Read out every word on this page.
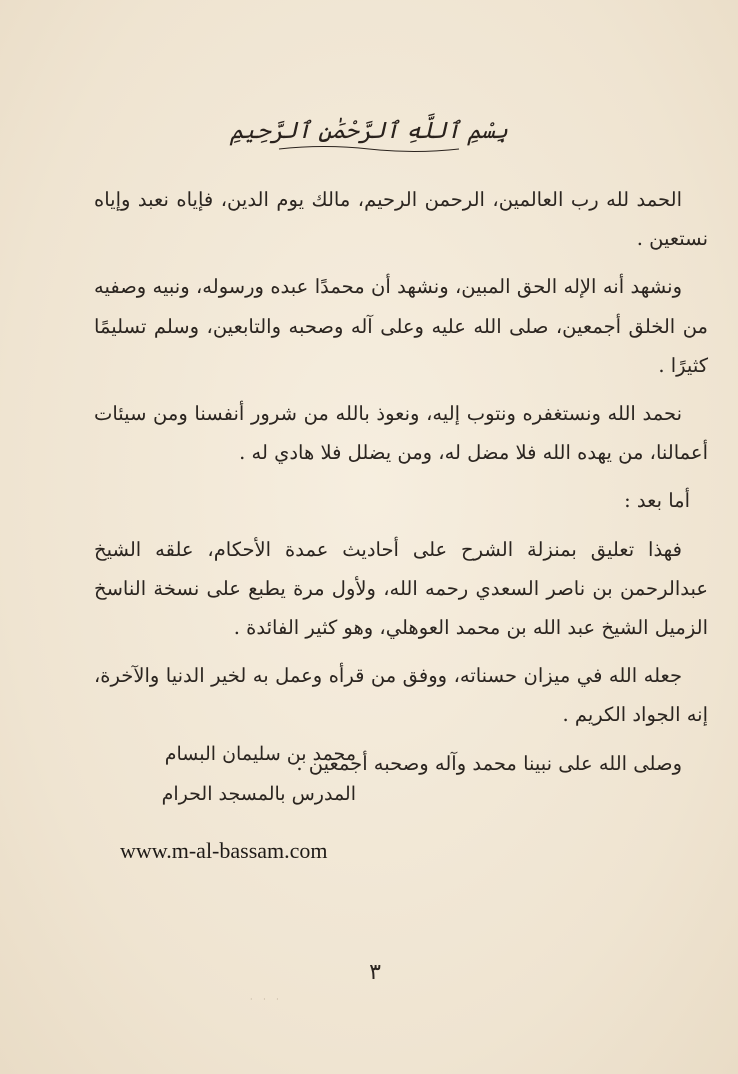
بِسْمِ ٱللَّهِ ٱلرَّحْمَٰنِ ٱلرَّحِيمِ

الحمد لله رب العالمين، الرحمن الرحيم، مالك يوم الدين، فإياه نعبد وإياه نستعين .

ونشهد أنه الإله الحق المبين، ونشهد أن محمدًا عبده ورسوله، ونبيه وصفيه من الخلق أجمعين، صلى الله عليه وعلى آله وصحبه والتابعين، وسلم تسليمًا كثيرًا .

نحمد الله ونستغفره ونتوب إليه، ونعوذ بالله من شرور أنفسنا ومن سيئات أعمالنا، من يهده الله فلا مضل له، ومن يضلل فلا هادي له .

أما بعد :

فهذا تعليق بمنزلة الشرح على أحاديث عمدة الأحكام، علقه الشيخ عبدالرحمن بن ناصر السعدي رحمه الله، ولأول مرة يطبع على نسخة الناسخ الزميل الشيخ عبد الله بن محمد العوهلي، وهو كثير الفائدة .

جعله الله في ميزان حسناته، ووفق من قرأه وعمل به لخير الدنيا والآخرة، إنه الجواد الكريم .

وصلى الله على نبينا محمد وآله وصحبه أجمعين .

محمد بن سليمان البسام
المدرس بالمسجد الحرام
www.m-al-bassam.com
٣
· · ·
